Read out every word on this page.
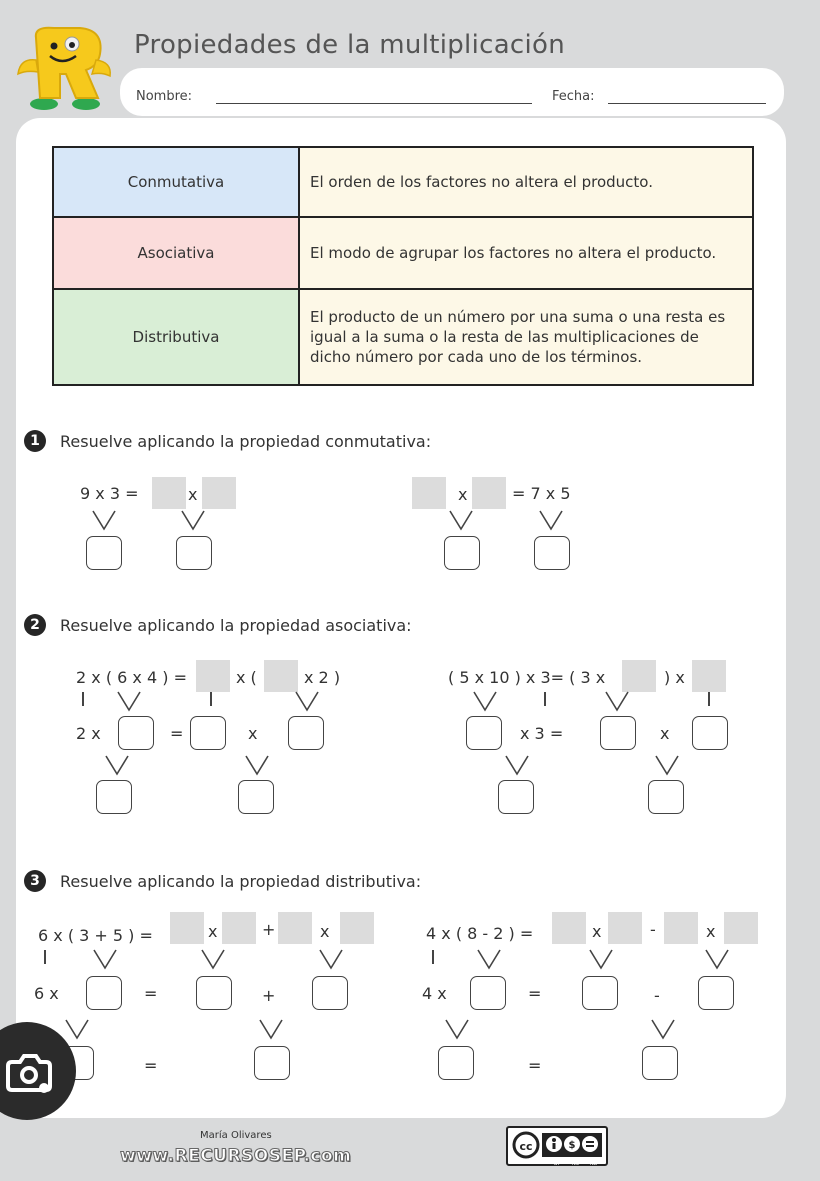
Propiedades de la multiplicación
Nombre:	Fecha:
Conmutativa	El orden de los factores no altera el producto.
Asociativa	El modo de agrupar los factores no altera el producto.
Distributiva	El producto de un número por una suma o una resta es igual a la suma o la resta de las multiplicaciones de dicho número por cada uno de los términos.
1	Resuelve aplicando la propiedad conmutativa:
9 x 3 =	x	x	= 7 x 5
2	Resuelve aplicando la propiedad asociativa:
2 x ( 6 x 4 ) =	x (	x 2 )
2 x	=	x
( 5 x 10 ) x 3= ( 3 x	) x
x 3 =	x
3	Resuelve aplicando la propiedad distributiva:
6 x ( 3 + 5 ) =	x	+	x
6 x	=	+
=
4 x ( 8 - 2 ) =	x	-	x
4 x	=	-
=
María Olivares
www.RECURSOSEP.com	cc	$
BY NC ND
